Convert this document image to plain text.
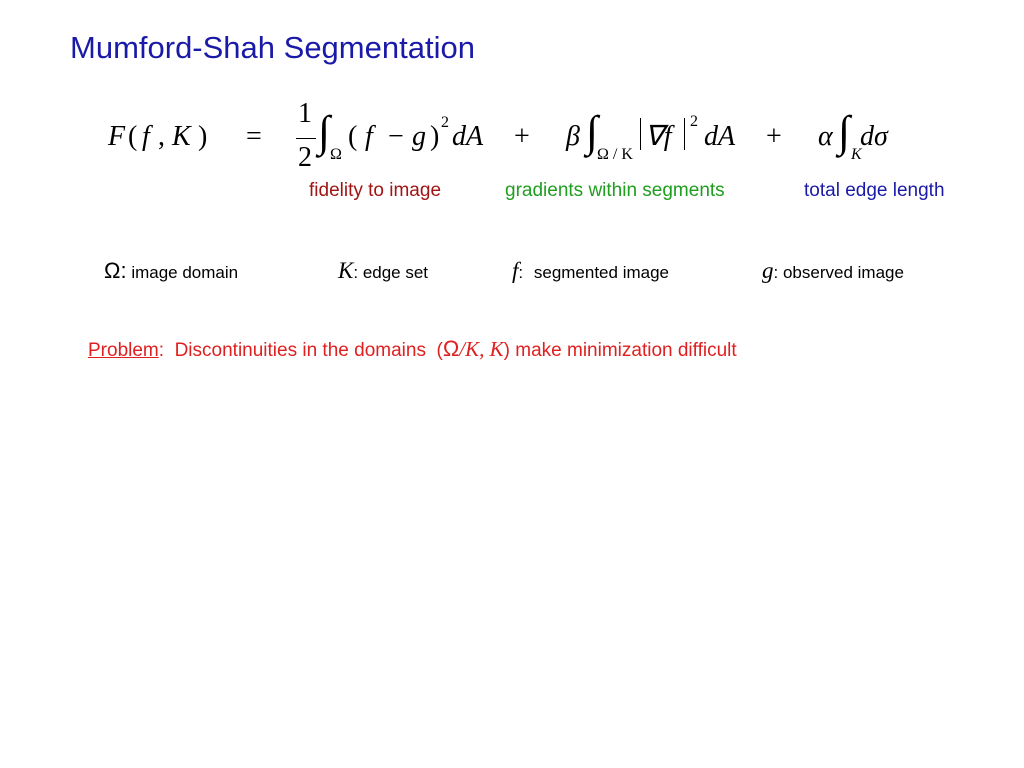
Mumford-Shah Segmentation
F ( f , K ) =
1
2
∫ Ω
( f − g ) 2 dA + β ∫
Ω / K
∇f 2 dA + α ∫ K
dσ
fidelity to image	gradients within segments	total edge length
Ω: image domain	K: edge set	f: segmented image	g: observed image
Problem:  Discontinuities in the domains  (Ω/K, K) make minimization difficult
